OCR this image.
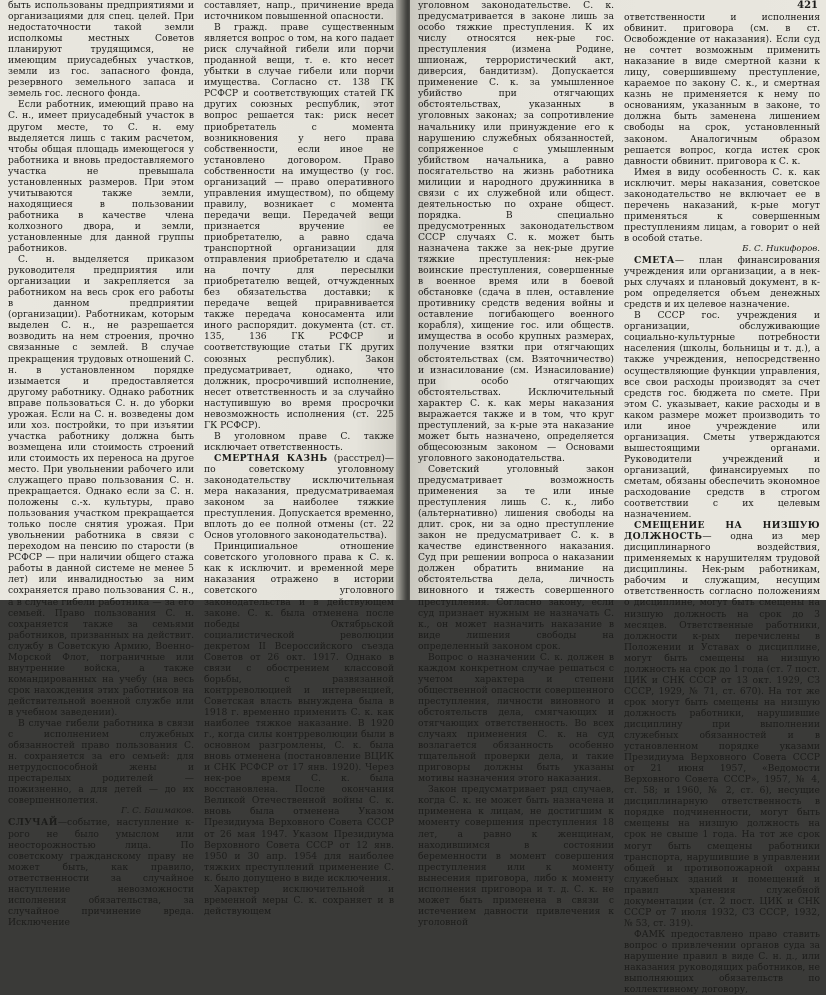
быть использованы предприятиями и организациями для спец. целей. При недостаточности такой земли исполкомы местных Советов планируют трудящимся, не имеющим приусадебных участков, земли из гос. запасного фонда, резервного земельного запаса и земель гос. лесного фонда.

Если работник, имеющий право на С. н., имеет приусадебный участок в другом месте, то С. н. ему выделяется лишь с таким расчетом, чтобы общая площадь имеющегося у работника и вновь предоставляемого участка не превышала установленных размеров. При этом учитываются также земли, находящиеся в пользовании работника в качестве члена колхозного двора, и земли, установленные для данной группы работников.

С. н. выделяется приказом руководителя предприятия или организации и закрепляется за работником на весь срок его работы в данном предприятии (организации). Работникам, которым выделен С. н., не разрешается возводить на нем строения, прочно связанные с землей. В случае прекращения трудовых отношений С. н. в установленном порядке изымается и предоставляется другому работнику. Однако работник вправе пользоваться С. н. до уборки урожая. Если на С. н. возведены дом или хоз. постройки, то при изъятии участка работнику должна быть возмещена или стоимость строений или стоимость их переноса на другое место. При увольнении рабочего или служащего право пользования С. н. прекращается. Однако если за С. н. положены с.-х. культуры, право пользования участком прекращается только после снятия урожая. При увольнении работника в связи с переходом на пенсию по старости (в РСФСР — при наличии общего стажа работы в данной системе не менее 5 лет) или инвалидностью за ним сохраняется право пользования С. н., а в случае гибели работника — за его семьей. Право пользования С. н. сохраняется также за семьями работников, призванных на действит. службу в Советскую Армию, Военно-Морской Флот, пограничные или внутренние войска, а также командированных на учебу (на весь срок нахождения этих работников на действительной военной службе или в учебном заведении).

В случае гибели работника в связи с исполнением служебных обязанностей право пользования С. н. сохраняется за его семьей: для нетрудоспособной жены и престарелых родителей — пожизненно, а для детей — до их совершеннолетия.

Г. С. Башмаков.

СЛУЧАЙ—событие, наступление к-рого не было умыслом или неосторожностью лица. По советскому гражданскому праву не может быть, как правило, ответственности за случайное наступление невозможности исполнения обязательства, за случайное причинение вреда. Исключение

составляет, напр., причинение вреда источником повышенной опасности.

В гражд. праве существенным является вопрос о том, на кого падает риск случайной гибели или порчи проданной вещи, т. е. кто несет убытки в случае гибели или порчи имущества. Согласно ст. 138 ГК РСФСР и соответствующих статей ГК других союзных республик, этот вопрос решается так: риск несет приобретатель с момента возникновения у него права собственности, если иное не установлено договором. Право собственности на имущество (у гос. организаций — право оперативного управления имуществом), по общему правилу, возникает с момента передачи вещи. Передачей вещи признается вручение ее приобретателю, а равно сдача транспортной организации для отправления приобретателю и сдача на почту для пересылки приобретателю вещей, отчужденных без обязательства доставки; к передаче вещей приравнивается также передача коносамента или иного распорядит. документа (ст. ст. 135, 136 ГК РСФСР и соответствующие статьи ГК других союзных республик). Закон предусматривает, однако, что должник, просрочивший исполнение, несет ответственность и за случайно наступившую во время просрочки невозможность исполнения (ст. 225 ГК РСФСР).

В уголовном праве С. также исключает ответственность.

СМЕРТНАЯ КАЗНЬ (расстрел)— по советскому уголовному законодательству исключительная мера наказания, предусматриваемая законом за наиболее тяжкие преступления. Допускается временно, вплоть до ее полной отмены (ст. 22 Основ уголовного законодательства).

Принципиальное отношение советского уголовного права к С. к. как к исключит. и временной мере наказания отражено в истории советского уголовного законодательства и в действующем законе. С. к. была отменена после победы Октябрьской социалистической революции декретом II Всероссийского съезда Советов от 26 окт. 1917. Однако в связи с обострением классовой борьбы, с развязанной контрреволюцией и интервенцией, Советская власть вынуждена была в 1918 г. временно применить С. к. как наиболее тяжкое наказание. В 1920 г., когда силы контрреволюции были в основном разгромлены, С. к. была вновь отменена (постановление ВЦИК и СНК РСФСР от 17 янв. 1920). Через нек-рое время С. к. была восстановлена. После окончания Великой Отечественной войны С. к. вновь была отменена Указом Президиума Верховного Совета СССР от 26 мая 1947. Указом Президиума Верховного Совета СССР от 12 янв. 1950 и 30 апр. 1954 для наиболее тяжких преступлений применение С. к. было допущено в виде исключения.

Характер исключительной и временной меры С. к. сохраняет и в действующем

421

уголовном законодательстве. С. к. предусматривается в законе лишь за особо тяжкие преступления. К их числу относятся нек-рые гос. преступления (измена Родине, шпионаж, террористический акт, диверсия, бандитизм). Допускается применение С. к. за умышленное убийство при отягчающих обстоятельствах, указанных в уголовных законах; за сопротивление начальнику или принуждение его к нарушению служебных обязанностей, сопряженное с умышленным убийством начальника, а равно посягательство на жизнь работника милиции и народного дружинника в связи с их служебной или общест. деятельностью по охране общест. порядка. В специально предусмотренных законодательством СССР случаях С. к. может быть назначена также за нек-рые другие тяжкие преступления: нек-рые воинские преступления, совершенные в военное время или в боевой обстановке (сдача в плен, оставление противнику средств ведения войны и оставление погибающего военного корабля), хищение гос. или обществ. имущества в особо крупных размерах, получение взятки при отягчающих обстоятельствах (см. Взяточничество) и изнасилование (см. Изнасилование) при особо отягчающих обстоятельствах. Исключительный характер С. к. как меры наказания выражается также и в том, что круг преступлений, за к-рые эта наказание может быть назначено, определяется общесоюзным законом — Основами уголовного законодательства.

Советский уголовный закон предусматривает возможность применения за те или иные преступления лишь С. к., либо (альтернативно) лишения свободы на длит. срок, ни за одно преступление закон не предусматривает С. к. в качестве единственного наказания. Суд при решении вопроса о наказании должен обратить внимание на обстоятельства дела, личность виновного и тяжесть совершенного преступления. Согласно закону, если суд признает нужным не назначать С. к., он может назначить наказание в виде лишения свободы на определенный законом срок.

Вопрос о назначении С. к. должен в каждом конкретном случае решаться с учетом характера и степени общественной опасности совершенного преступления, личности виновного и обстоятельств дела, смягчающих и отягчающих ответственность. Во всех случаях применения С. к. на суд возлагается обязанность особенно тщательной проверки дела, и такие приговоры должны быть указаны мотивы назначения этого наказания.

Закон предусматривает ряд случаев, когда С. к. не может быть назначена и применена к лицам, не достигшим к моменту совершения преступления 18 лет, а равно к женщинам, находившимся в состоянии беременности в момент совершения преступления или к моменту вынесения приговора, либо к моменту исполнения приговора и т. д. С. к. не может быть применена в связи с истечением давности привлечения к уголовной

ответственности и исполнения обвинит. приговора (см. в ст. Освобождение от наказания). Если суд не сочтет возможным применить наказание в виде смертной казни к лицу, совершившему преступление, караемое по закону С. к., и смертная казнь не применяется к нему по основаниям, указанным в законе, то должна быть заменена лишением свободы на срок, установленный законом. Аналогичным образом решается вопрос, когда истек срок давности обвинит. приговора к С. к.

Имея в виду особенность С. к. как исключит. меры наказания, советское законодательство не включает ее в перечень наказаний, к-рые могут применяться к совершенным преступлениям лицам, а говорит о ней в особой статье.

Б. С. Никифоров.

СМЕТА— план финансирования учреждения или организации, а в нек-рых случаях и плановый документ, в к-ром определяется объем денежных средств и их целевое назначение.

В СССР гос. учреждения и организации, обслуживающие социально-культурные потребности населения (школы, больницы и т. д.), а также учреждения, непосредственно осуществляющие функции управления, все свои расходы производят за счет средств гос. бюджета по смете. При этом С. указывает, какие расходы и в каком размере может производить то или иное учреждение или организация. Сметы утверждаются вышестоящими органами. Руководители учреждений и организаций, финансируемых по сметам, обязаны обеспечить экономное расходование средств в строгом соответствии с их целевым назначением.

СМЕЩЕНИЕ НА НИЗШУЮ ДОЛЖНОСТЬ— одна из мер дисциплинарного воздействия, применяемых к нарушителям трудовой дисциплины. Нек-рым работникам, рабочим и служащим, несущим ответственность согласно положениям о дисциплине, могут быть смещены на низшую должность на срок до 3 месяцев. Ответственные работники, должности к-рых перечислены в Положении и Уставах о дисциплине, могут быть смещены на низшую должность на срок до 1 года (ст. 7 пост. ЦИК и СНК СССР от 13 окт. 1929, СЗ СССР, 1929, № 71, ст. 670). На тот же срок могут быть смещены на низшую должность работники, нарушившие дисциплину при выполнении служебных обязанностей и в установленном порядке указами Президиума Верховного Совета СССР от 21 июня 1957, «Ведомости Верховного Совета СССР», 1957, № 4, ст. 58; и 1960, № 2, ст. 6), несущие дисциплинарную ответственность в порядке подчиненности, могут быть смещены на низшую должность на срок не свыше 1 года. На тот же срок могут быть смещены работники транспорта, нарушившие в управлении общей и противопожарной охраны служебных зданий и помещений и правил хранения служебной документации (ст. 2 пост. ЦИК и СНК СССР от 7 июля 1932, СЗ СССР, 1932, № 53, ст. 319).

ФАМК предоставлено право ставить вопрос о привлечении органов суда за нарушение правил в виде С. н. д., или наказания руководящих работников, не выполняющих обязательств по коллективному договору,
